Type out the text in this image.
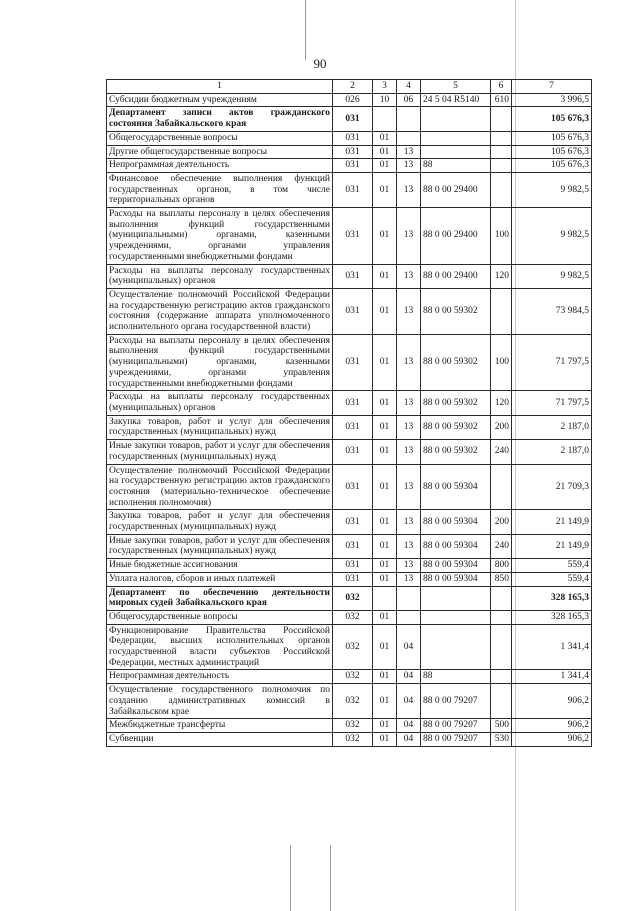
90
1	2	3	4	5	6	7
Субсидии бюджетным учреждениям	026	10	06	24 5 04 R5140	610	3 996,5
Департамент записи актов гражданского состояния Забайкальского края	031					105 676,3
Общегосударственные вопросы	031	01				105 676,3
Другие общегосударственные вопросы	031	01	13			105 676,3
Непрограммная деятельность	031	01	13	88		105 676,3
Финансовое обеспечение выполнения функций государственных органов, в том числе территориальных органов	031	01	13	88 0 00 29400		9 982,5
Расходы на выплаты персоналу в целях обеспечения выполнения функций государственными (муниципальными) органами, казенными учреждениями, органами управления государственными внебюджетными фондами	031	01	13	88 0 00 29400	100	9 982,5
Расходы на выплаты персоналу государственных (муниципальных) органов	031	01	13	88 0 00 29400	120	9 982,5
Осуществление полномочий Российской Федерации на государственную регистрацию актов гражданского состояния (содержание аппарата уполномоченного исполнительного органа государственной власти)	031	01	13	88 0 00 59302		73 984,5
Расходы на выплаты персоналу в целях обеспечения выполнения функций государственными (муниципальными) органами, казенными учреждениями, органами управления государственными внебюджетными фондами	031	01	13	88 0 00 59302	100	71 797,5
Расходы на выплаты персоналу государственных (муниципальных) органов	031	01	13	88 0 00 59302	120	71 797,5
Закупка товаров, работ и услуг для обеспечения государственных (муниципальных) нужд	031	01	13	88 0 00 59302	200	2 187,0
Иные закупки товаров, работ и услуг для обеспечения государственных (муниципальных) нужд	031	01	13	88 0 00 59302	240	2 187,0
Осуществление полномочий Российской Федерации на государственную регистрацию актов гражданского состояния (материально-техническое обеспечение исполнения полномочия)	031	01	13	88 0 00 59304		21 709,3
Закупка товаров, работ и услуг для обеспечения государственных (муниципальных) нужд	031	01	13	88 0 00 59304	200	21 149,9
Иные закупки товаров, работ и услуг для обеспечения государственных (муниципальных) нужд	031	01	13	88 0 00 59304	240	21 149,9
Иные бюджетные ассигнования	031	01	13	88 0 00 59304	800	559,4
Уплата налогов, сборов и иных платежей	031	01	13	88 0 00 59304	850	559,4
Департамент по обеспечению деятельности мировых судей Забайкальского края	032					328 165,3
Общегосударственные вопросы	032	01				328 165,3
Функционирование Правительства Российской Федерации, высших исполнительных органов государственной власти субъектов Российской Федерации, местных администраций	032	01	04			1 341,4
Непрограммная деятельность	032	01	04	88		1 341,4
Осуществление государственного полномочия по созданию административных комиссий в Забайкальском крае	032	01	04	88 0 00 79207		906,2
Межбюджетные трансферты	032	01	04	88 0 00 79207	500	906,2
Субвенции	032	01	04	88 0 00 79207	530	906,2
